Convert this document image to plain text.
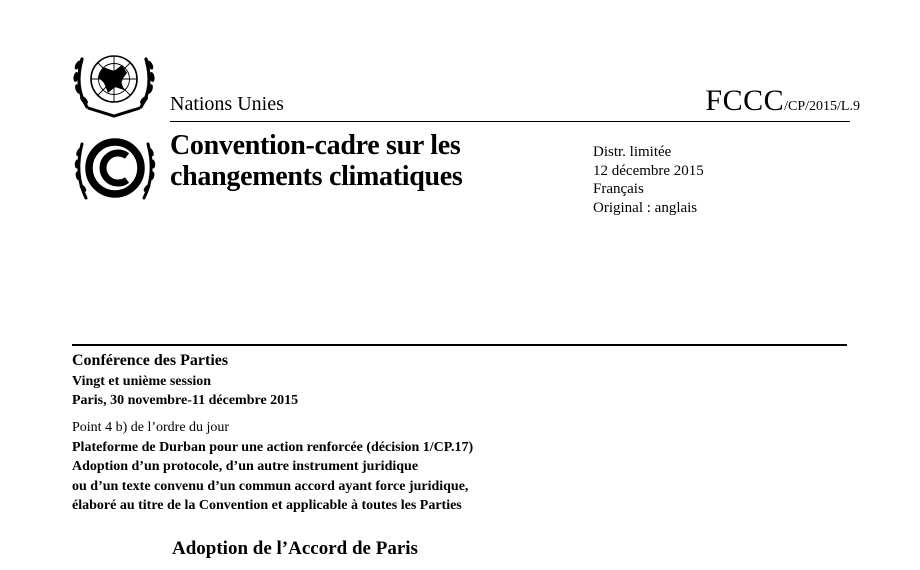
Nations Unies	FCCC/CP/2015/L.9
Convention-cadre sur les
changements climatiques
Distr. limitée
12 décembre 2015
Français
Original : anglais
Conférence des Parties
Vingt et unième session
Paris, 30 novembre-11 décembre 2015
Point 4 b) de l’ordre du jour
Plateforme de Durban pour une action renforcée (décision 1/CP.17)
Adoption d’un protocole, d’un autre instrument juridique
ou d’un texte convenu d’un commun accord ayant force juridique,
élaboré au titre de la Convention et applicable à toutes les Parties
Adoption de l’Accord de Paris
